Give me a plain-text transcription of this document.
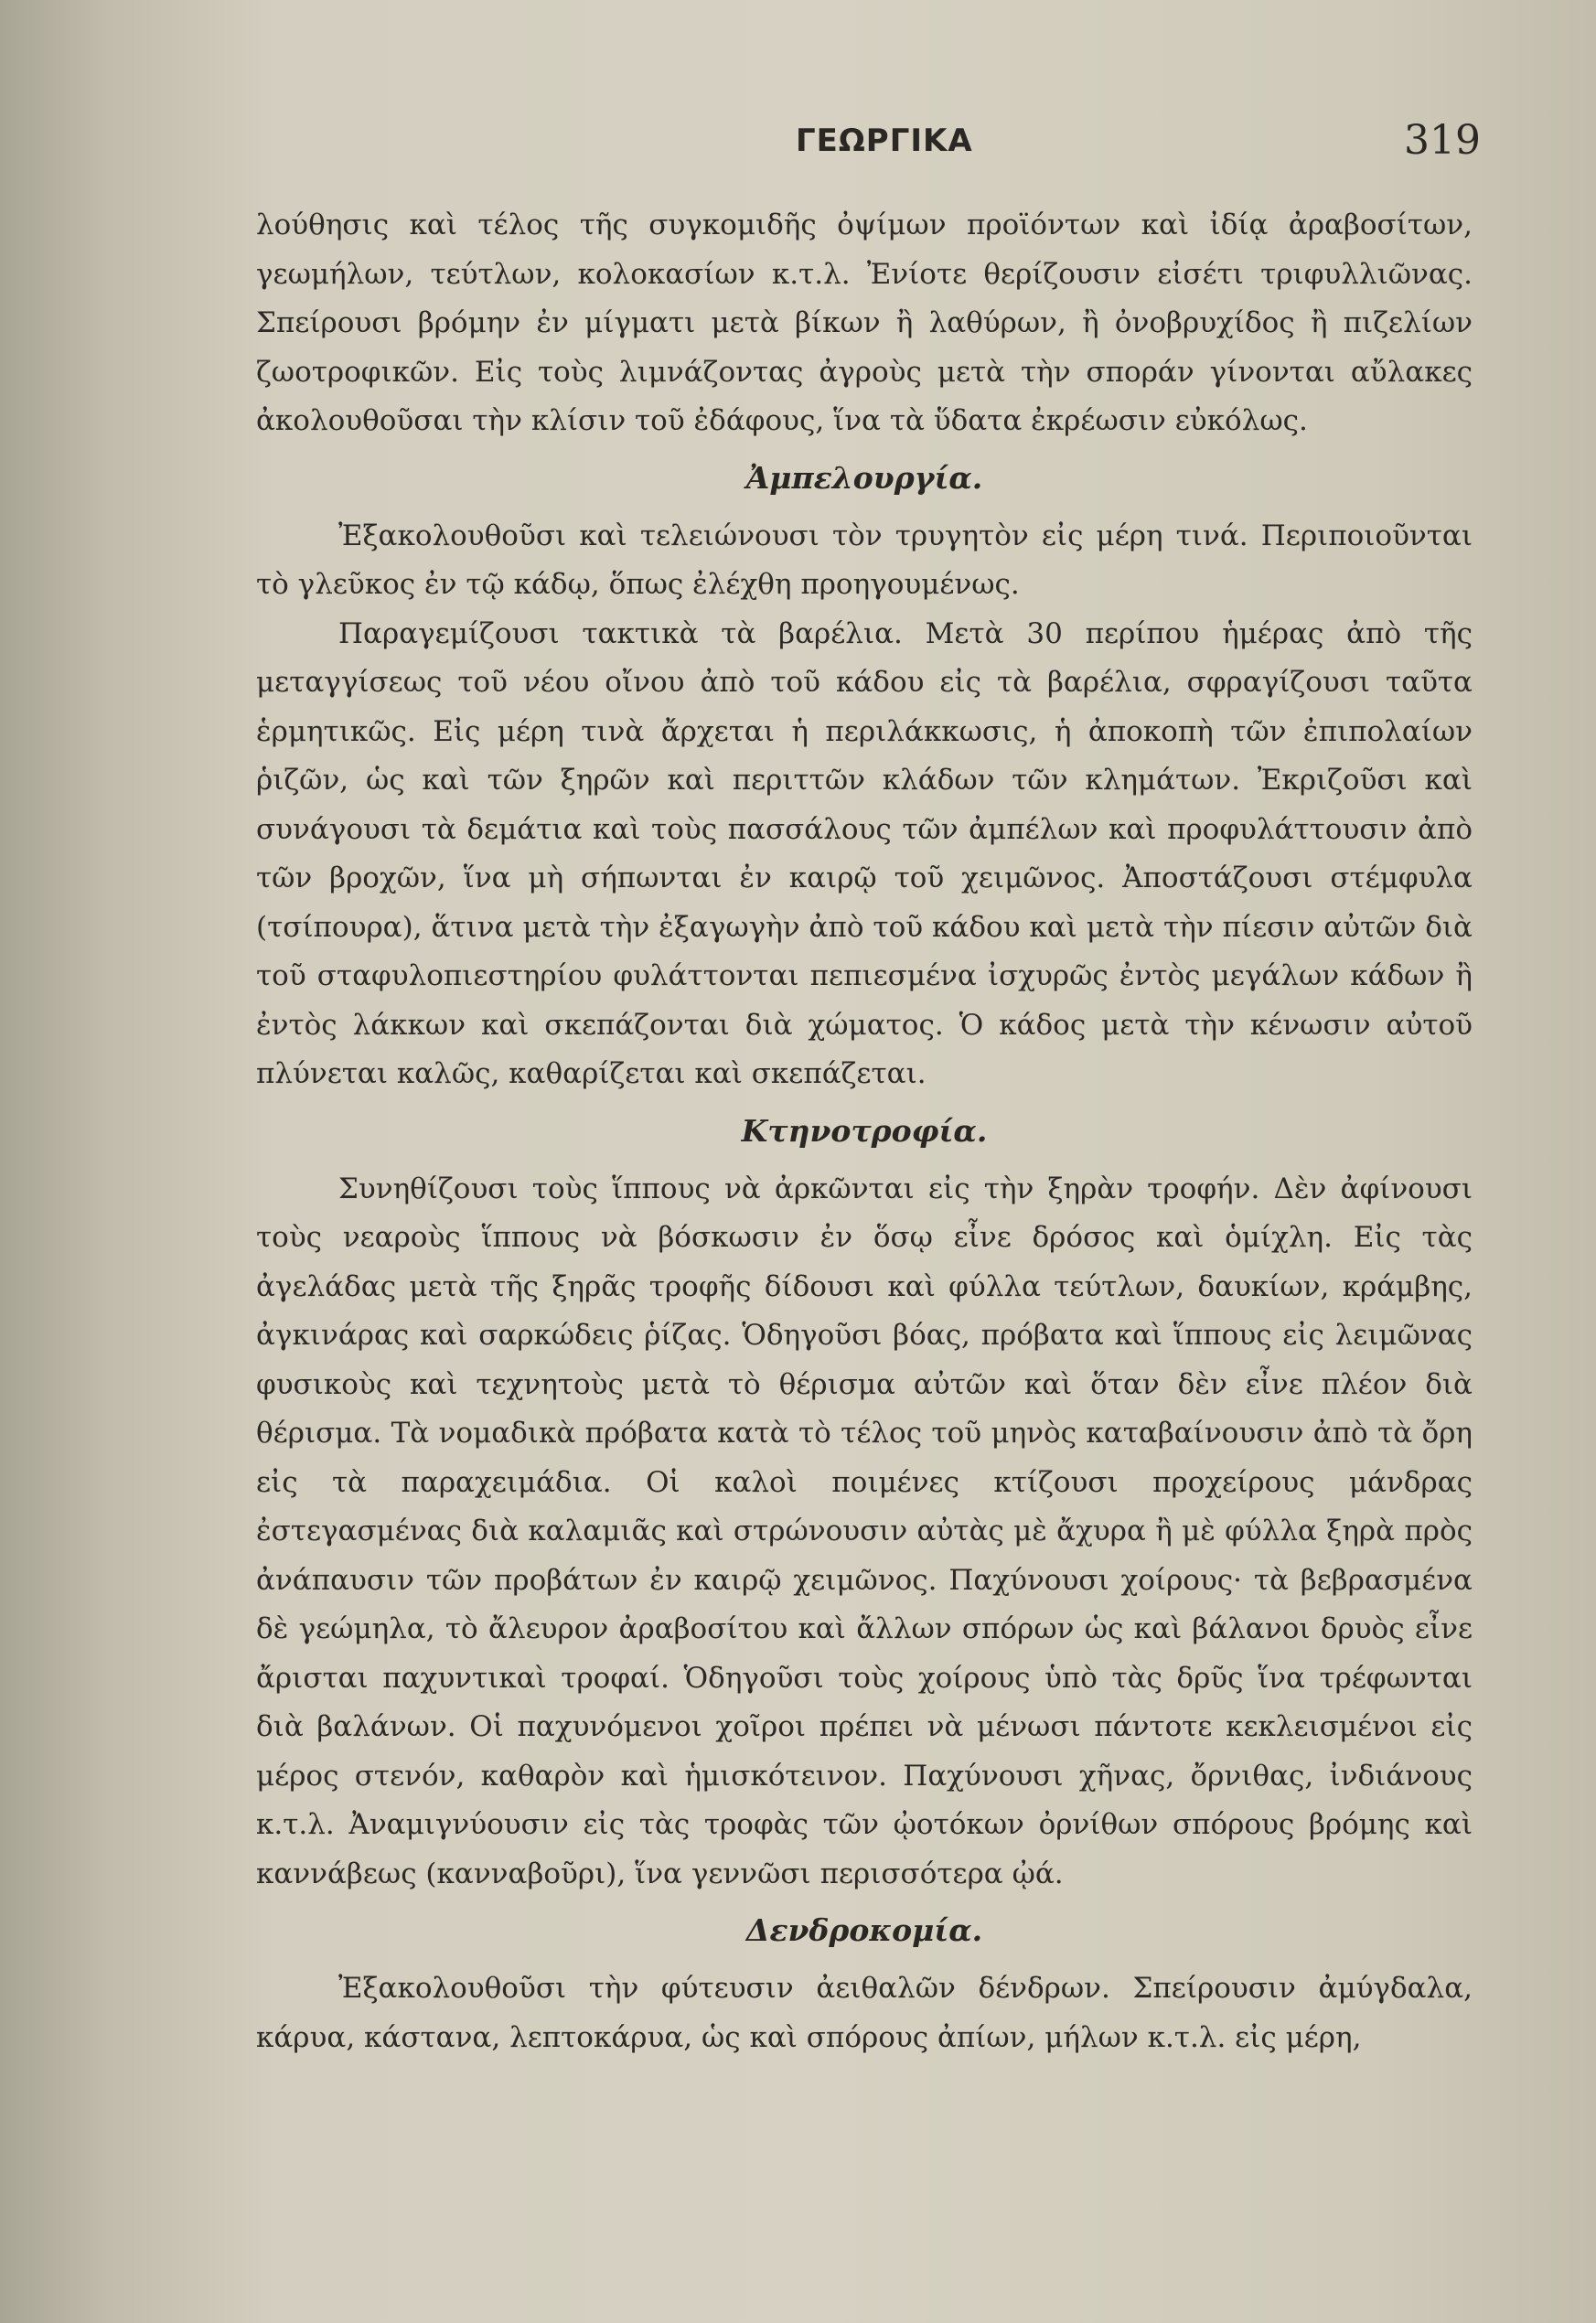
ΓΕΩΡΓΙΚΑ	319

λούθησις καὶ τέλος τῆς συγκομιδῆς ὀψίμων προϊόντων καὶ ἰδίᾳ ἀραβοσίτων, γεωμήλων, τεύτλων, κολοκασίων κ.τ.λ. Ἐνίοτε θερίζουσιν εἰσέτι τριφυλλιῶνας. Σπείρουσι βρόμην ἐν μίγματι μετὰ βίκων ἢ λαθύρων, ἢ ὀνοβρυχίδος ἢ πιζελίων ζωοτροφικῶν. Εἰς τοὺς λιμνάζοντας ἀγροὺς μετὰ τὴν σποράν γίνονται αὔλακες ἀκολουθοῦσαι τὴν κλίσιν τοῦ ἐδάφους, ἵνα τὰ ὕδατα ἐκρέωσιν εὐκόλως.

Ἀμπελουργία.

Ἐξακολουθοῦσι καὶ τελειώνουσι τὸν τρυγητὸν εἰς μέρη τινά. Περιποιοῦνται τὸ γλεῦκος ἐν τῷ κάδῳ, ὅπως ἐλέχθη προηγουμένως.

Παραγεμίζουσι τακτικὰ τὰ βαρέλια. Μετὰ 30 περίπου ἡμέρας ἀπὸ τῆς μεταγγίσεως τοῦ νέου οἴνου ἀπὸ τοῦ κάδου εἰς τὰ βαρέλια, σφραγίζουσι ταῦτα ἑρμητικῶς. Εἰς μέρη τινὰ ἄρχεται ἡ περιλάκκωσις, ἡ ἀποκοπὴ τῶν ἐπιπολαίων ῥιζῶν, ὡς καὶ τῶν ξηρῶν καὶ περιττῶν κλάδων τῶν κλημάτων. Ἐκριζοῦσι καὶ συνάγουσι τὰ δεμάτια καὶ τοὺς πασσάλους τῶν ἀμπέλων καὶ προφυλάττουσιν ἀπὸ τῶν βροχῶν, ἵνα μὴ σήπωνται ἐν καιρῷ τοῦ χειμῶνος. Ἀποστάζουσι στέμφυλα (τσίπουρα), ἅτινα μετὰ τὴν ἐξαγωγὴν ἀπὸ τοῦ κάδου καὶ μετὰ τὴν πίεσιν αὐτῶν διὰ τοῦ σταφυλοπιεστηρίου φυλάττονται πεπιεσμένα ἰσχυρῶς ἐντὸς μεγάλων κάδων ἢ ἐντὸς λάκκων καὶ σκεπάζονται διὰ χώματος. Ὁ κάδος μετὰ τὴν κένωσιν αὐτοῦ πλύνεται καλῶς, καθαρίζεται καὶ σκεπάζεται.

Κτηνοτροφία.

Συνηθίζουσι τοὺς ἵππους νὰ ἀρκῶνται εἰς τὴν ξηρὰν τροφήν. Δὲν ἀφίνουσι τοὺς νεαροὺς ἵππους νὰ βόσκωσιν ἐν ὅσῳ εἶνε δρόσος καὶ ὁμίχλη. Εἰς τὰς ἀγελάδας μετὰ τῆς ξηρᾶς τροφῆς δίδουσι καὶ φύλλα τεύτλων, δαυκίων, κράμβης, ἀγκινάρας καὶ σαρκώδεις ῥίζας. Ὁδηγοῦσι βόας, πρόβατα καὶ ἵππους εἰς λειμῶνας φυσικοὺς καὶ τεχνητοὺς μετὰ τὸ θέρισμα αὐτῶν καὶ ὅταν δὲν εἶνε πλέον διὰ θέρισμα. Τὰ νομαδικὰ πρόβατα κατὰ τὸ τέλος τοῦ μηνὸς καταβαίνουσιν ἀπὸ τὰ ὄρη εἰς τὰ παραχειμάδια. Οἱ καλοὶ ποιμένες κτίζουσι προχείρους μάνδρας ἐστεγασμένας διὰ καλαμιᾶς καὶ στρώνουσιν αὐτὰς μὲ ἄχυρα ἢ μὲ φύλλα ξηρὰ πρὸς ἀνάπαυσιν τῶν προβάτων ἐν καιρῷ χειμῶνος. Παχύνουσι χοίρους· τὰ βεβρασμένα δὲ γεώμηλα, τὸ ἄλευρον ἀραβοσίτου καὶ ἄλλων σπόρων ὡς καὶ βάλανοι δρυὸς εἶνε ἄρισται παχυντικαὶ τροφαί. Ὁδηγοῦσι τοὺς χοίρους ὑπὸ τὰς δρῦς ἵνα τρέφωνται διὰ βαλάνων. Οἱ παχυνόμενοι χοῖροι πρέπει νὰ μένωσι πάντοτε κεκλεισμένοι εἰς μέρος στενόν, καθαρὸν καὶ ἡμισκότεινον. Παχύνουσι χῆνας, ὄρνιθας, ἰνδιάνους κ.τ.λ. Ἀναμιγνύουσιν εἰς τὰς τροφὰς τῶν ᾠοτόκων ὀρνίθων σπόρους βρόμης καὶ καννάβεως (κανναβοῦρι), ἵνα γεννῶσι περισσότερα ᾠά.

Δενδροκομία.

Ἐξακολουθοῦσι τὴν φύτευσιν ἀειθαλῶν δένδρων. Σπείρουσιν ἀμύγδαλα, κάρυα, κάστανα, λεπτοκάρυα, ὡς καὶ σπόρους ἀπίων, μήλων κ.τ.λ. εἰς μέρη,
